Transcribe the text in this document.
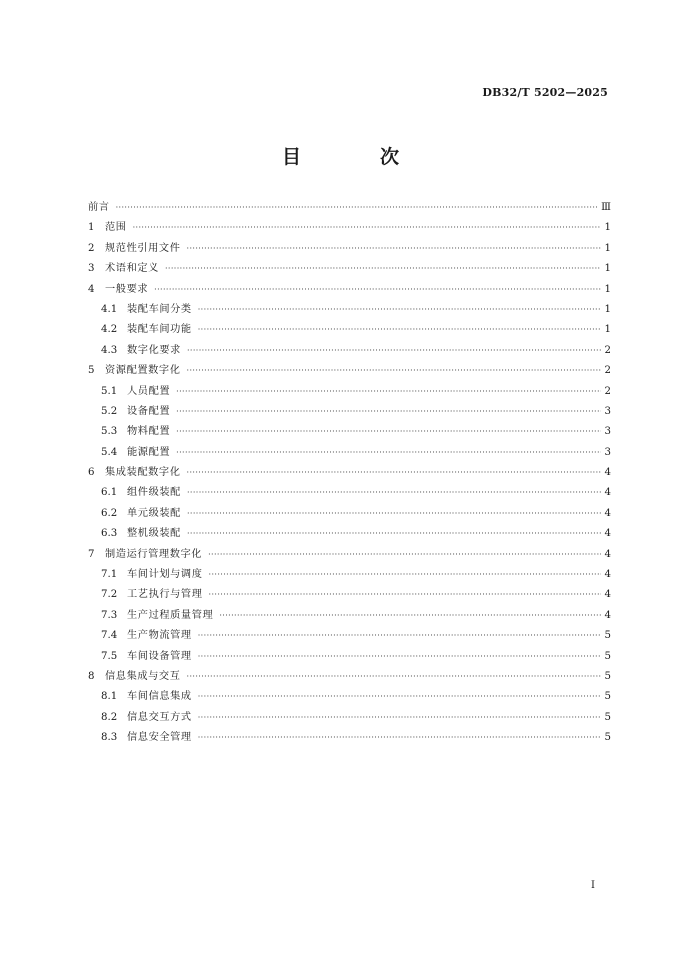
DB32/T 5202—2025
目　次
前言 ·····	Ⅲ
1	范围 ·····	1
2	规范性引用文件 ·····	1
3	术语和定义 ·····	1
4	一般要求 ·····	1
4.1 装配车间分类 ·····	1
4.2 装配车间功能 ·····	1
4.3 数字化要求 ·····	2
5	资源配置数字化 ·····	2
5.1 人员配置 ·····	2
5.2 设备配置 ·····	3
5.3 物料配置 ·····	3
5.4 能源配置 ·····	3
6	集成装配数字化 ·····	4
6.1 组件级装配 ·····	4
6.2 单元级装配 ·····	4
6.3 整机级装配 ·····	4
7	制造运行管理数字化 ·····	4
7.1 车间计划与调度 ·····	4
7.2 工艺执行与管理 ·····	4
7.3 生产过程质量管理 ·····	4
7.4 生产物流管理 ·····	5
7.5 车间设备管理 ·····	5
8	信息集成与交互 ·····	5
8.1 车间信息集成 ·····	5
8.2 信息交互方式 ·····	5
8.3 信息安全管理 ·····	5
I
